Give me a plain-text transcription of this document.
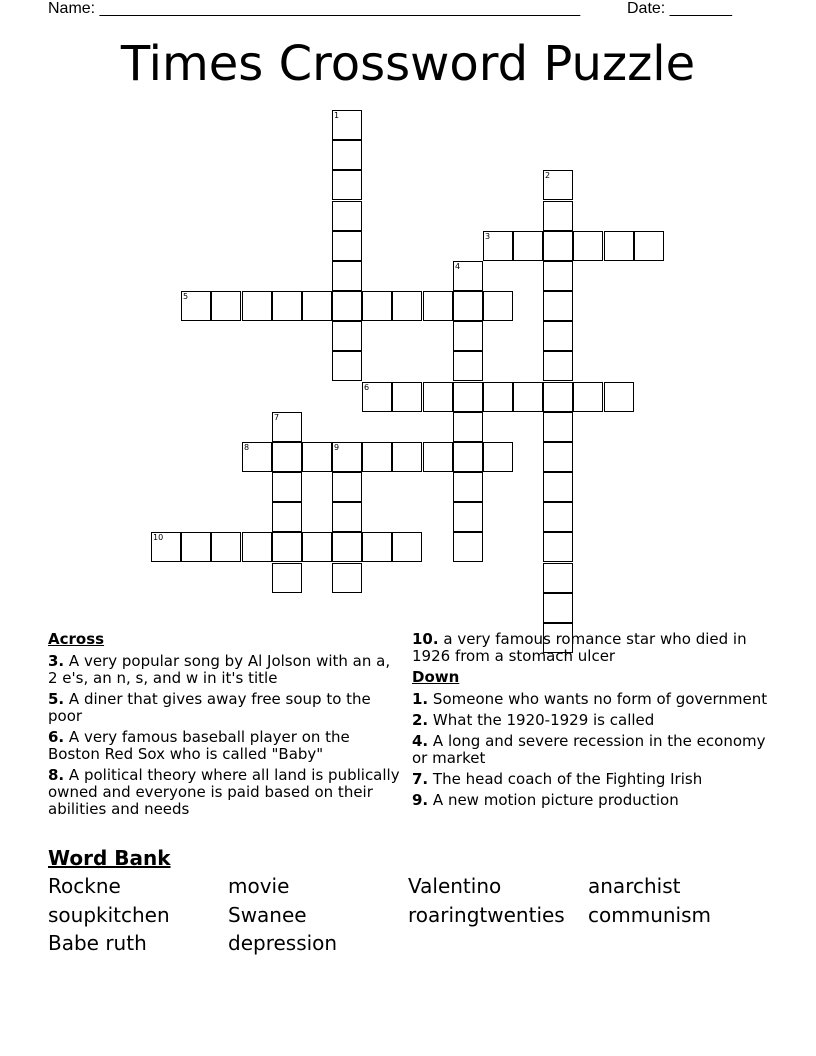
Name: ______________________________________________________	Date: _______
Times Crossword Puzzle
1
2
3
4
5
6
7
8	9
10
Across
3. A very popular song by Al Jolson with an a, 2 e's, an n, s, and w in it's title
5. A diner that gives away free soup to the poor
6. A very famous baseball player on the Boston Red Sox who is called "Baby"
8. A political theory where all land is publically owned and everyone is paid based on their abilities and needs
10. a very famous romance star who died in 1926 from a stomach ulcer
Down
1. Someone who wants no form of government
2. What the 1920-1929 is called
4. A long and severe recession in the economy or market
7. The head coach of the Fighting Irish
9. A new motion picture production
Word Bank
Rockne	movie	Valentino	anarchist
soupkitchen	Swanee	roaringtwenties communism
Babe ruth	depression
